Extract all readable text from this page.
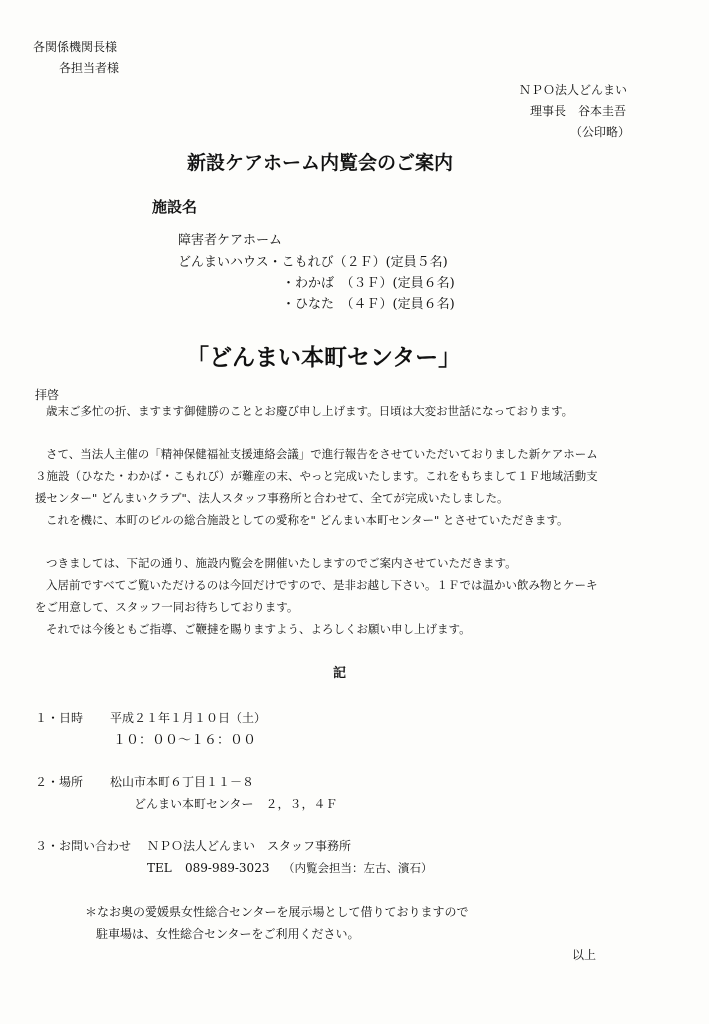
各関係機関長様
各担当者様
ＮＰＯ法人どんまい
理事長　谷本圭吾
（公印略）
新設ケアホーム内覧会のご案内
施設名
障害者ケアホーム
どんまいハウス・こもれび（２Ｆ）(定員５名)
・わかば　（３Ｆ）(定員６名)
・ひなた　（４Ｆ）(定員６名)
「どんまい本町センター」
拝啓
歳末ご多忙の折、ますます御健勝のこととお慶び申し上げます。日頃は大変お世話になっております。
さて、当法人主催の「精神保健福祉支援連絡会議」で進行報告をさせていただいておりました新ケアホーム
３施設（ひなた・わかば・こもれび）が難産の末、やっと完成いたします。これをもちまして１Ｆ地域活動支
援センター" どんまいクラブ"、法人スタッフ事務所と合わせて、全てが完成いたしました。
これを機に、本町のビルの総合施設としての愛称を" どんまい本町センター" とさせていただきます。
つきましては、下記の通り、施設内覧会を開催いたしますのでご案内させていただきます。
入居前ですべてご覧いただけるのは今回だけですので、是非お越し下さい。１Ｆでは温かい飲み物とケーキ
をご用意して、スタッフ一同お待ちしております。
それでは今後ともご指導、ご鞭撻を賜りますよう、よろしくお願い申し上げます。
記
１・日時 平成２１年１月１０日（土）
１０：００～１６：００
２・場所 松山市本町６丁目１１－８
どんまい本町センター　２，３，４Ｆ
３・お問い合わせ ＮＰＯ法人どんまい　スタッフ事務所
TEL 089-989-3023 （内覧会担当：左古、濱石）
＊なお奥の愛媛県女性総合センターを展示場として借りておりますので
駐車場は、女性総合センターをご利用ください。
以上
